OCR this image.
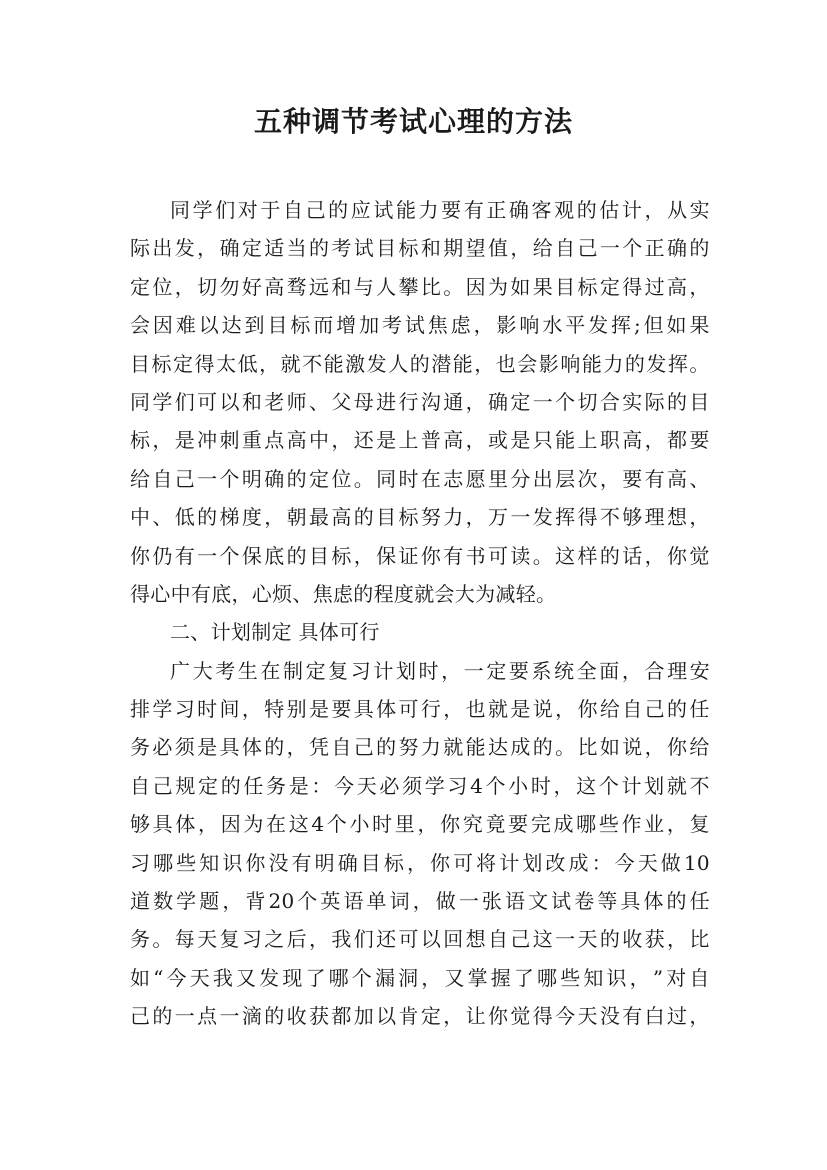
五种调节考试心理的方法
同 学 们 对 于 自 己 的 应 试 能 力 要 有 正 确 客 观 的 估 计 ， 从 实
际 出 发 ， 确 定 适 当 的 考 试 目 标 和 期 望 值 ， 给 自 己 一 个 正 确 的
定 位 ， 切 勿 好 高 骛 远 和 与 人 攀 比 。 因 为 如 果 目 标 定 得 过 高 ，
会 因 难 以 达 到 目 标 而 增 加 考 试 焦 虑 ， 影 响 水 平 发 挥 ; 但 如 果
目 标 定 得 太 低 ， 就 不 能 激 发 人 的 潜 能 ， 也 会 影 响 能 力 的 发 挥 。
同 学 们 可 以 和 老 师 、 父 母 进 行 沟 通 ， 确 定 一 个 切 合 实 际 的 目
标 ， 是 冲 刺 重 点 高 中 ， 还 是 上 普 高 ， 或 是 只 能 上 职 高 ， 都 要
给 自 己 一 个 明 确 的 定 位 。 同 时 在 志 愿 里 分 出 层 次 ， 要 有 高 、
中 、 低 的 梯 度 ， 朝 最 高 的 目 标 努 力 ， 万 一 发 挥 得 不 够 理 想 ，
你 仍 有 一 个 保 底 的 目 标 ， 保 证 你 有 书 可 读 。 这 样 的 话 ， 你 觉
得心中有底，心烦、焦虑的程度就会大为减轻。
二、计划制定 具体可行
广 大 考 生 在 制 定 复 习 计 划 时 ， 一 定 要 系 统 全 面 ， 合 理 安
排 学 习 时 间 ， 特 别 是 要 具 体 可 行 ， 也 就 是 说 ， 你 给 自 己 的 任
务 必 须 是 具 体 的 ， 凭 自 己 的 努 力 就 能 达 成 的 。 比 如 说 ， 你 给
自 己 规 定 的 任 务 是 ： 今 天 必 须 学 习 4 个 小 时 ， 这 个 计 划 就 不
够 具 体 ， 因 为 在 这 4 个 小 时 里 ， 你 究 竟 要 完 成 哪 些 作 业 ， 复
习 哪 些 知 识 你 没 有 明 确 目 标 ， 你 可 将 计 划 改 成 ： 今 天 做 10
道 数 学 题 ， 背 20 个 英 语 单 词 ， 做 一 张 语 文 试 卷 等 具 体 的 任
务 。 每 天 复 习 之 后 ， 我 们 还 可 以 回 想 自 己 这 一 天 的 收 获 ， 比
如 “ 今 天 我 又 发 现 了 哪 个 漏 洞 ， 又 掌 握 了 哪 些 知 识 ， ” 对 自
己 的 一 点 一 滴 的 收 获 都 加 以 肯 定 ， 让 你 觉 得 今 天 没 有 白 过 ，
